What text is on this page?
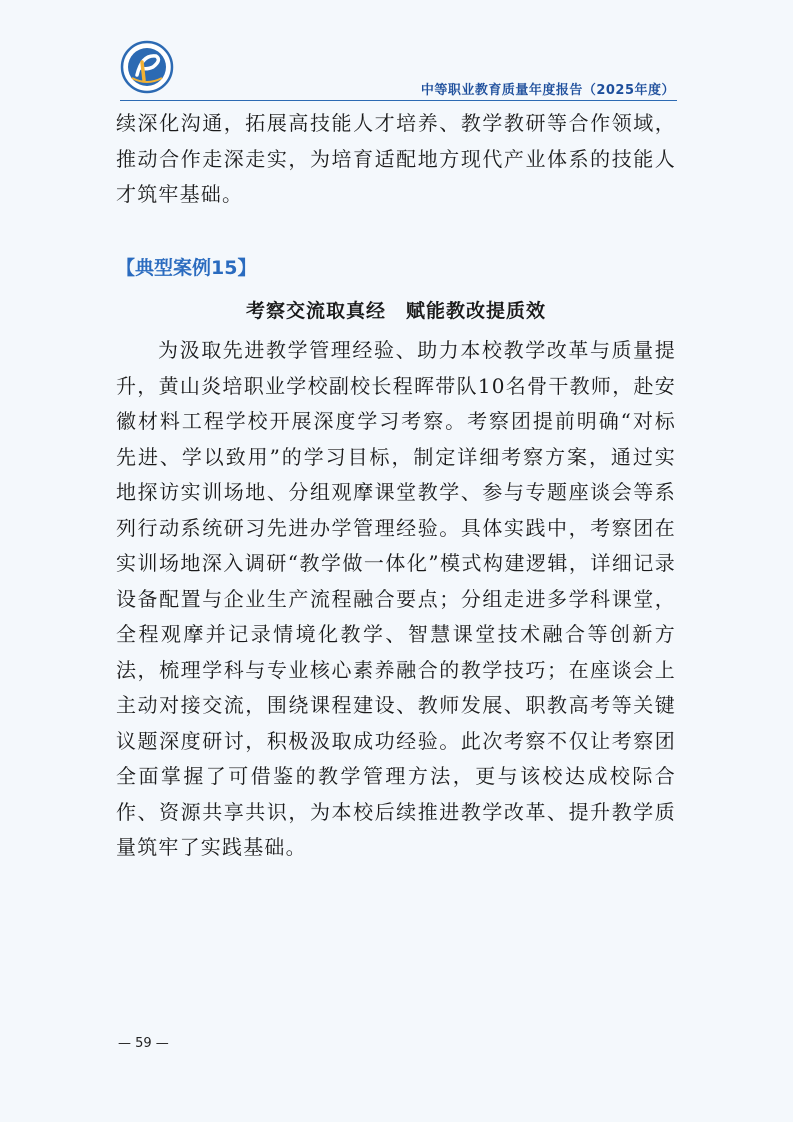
中等职业教育质量年度报告（2025年度）

续深化沟通，拓展高技能人才培养、教学教研等合作领域，推动合作走深走实，为培育适配地方现代产业体系的技能人才筑牢基础。

【典型案例15】
考察交流取真经　赋能教改提质效

为汲取先进教学管理经验、助力本校教学改革与质量提升，黄山炎培职业学校副校长程晖带队10名骨干教师，赴安徽材料工程学校开展深度学习考察。考察团提前明确“对标先进、学以致用”的学习目标，制定详细考察方案，通过实地探访实训场地、分组观摩课堂教学、参与专题座谈会等系列行动系统研习先进办学管理经验。具体实践中，考察团在实训场地深入调研“教学做一体化”模式构建逻辑，详细记录设备配置与企业生产流程融合要点；分组走进多学科课堂，全程观摩并记录情境化教学、智慧课堂技术融合等创新方法，梳理学科与专业核心素养融合的教学技巧；在座谈会上主动对接交流，围绕课程建设、教师发展、职教高考等关键议题深度研讨，积极汲取成功经验。此次考察不仅让考察团全面掌握了可借鉴的教学管理方法，更与该校达成校际合作、资源共享共识，为本校后续推进教学改革、提升教学质量筑牢了实践基础。

— 59 —
